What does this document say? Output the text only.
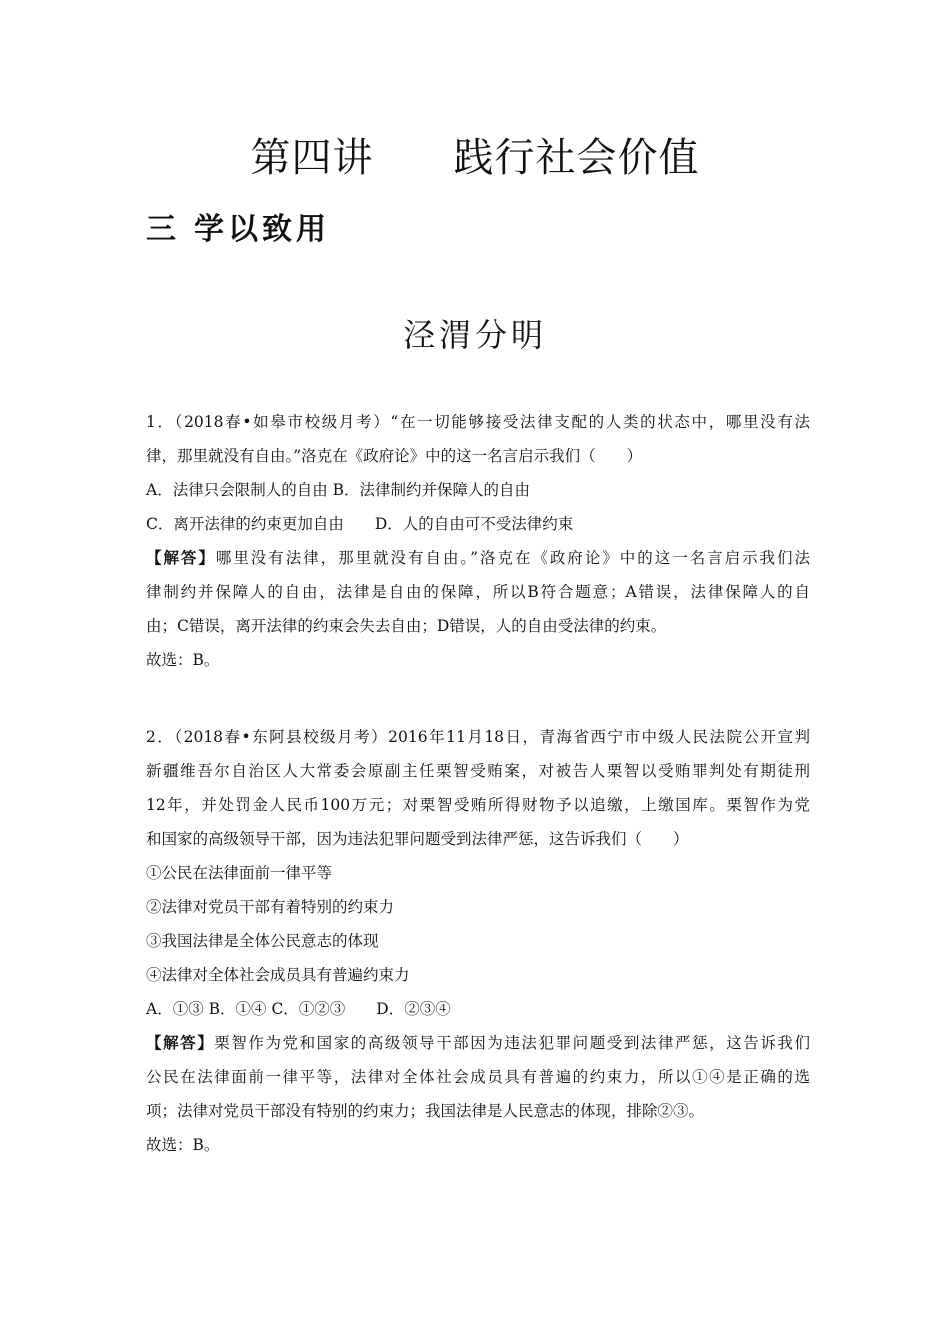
第四讲 践行社会价值
三 学以致用
泾渭分明

1．（2018春•如皋市校级月考）“在一切能够接受法律支配的人类的状态中，哪里没有法

律，那里就没有自由。”洛克在《政府论》中的这一名言启示我们（　　）

A．法律只会限制人的自由 B．法律制约并保障人的自由

C．离开法律的约束更加自由　　D．人的自由可不受法律约束

【解答】哪里没有法律，那里就没有自由。”洛克在《政府论》中的这一名言启示我们法

律制约并保障人的自由，法律是自由的保障，所以B符合题意；A错误，法律保障人的自

由；C错误，离开法律的约束会失去自由；D错误，人的自由受法律的约束。

故选：B。

2．（2018春•东阿县校级月考）2016年11月18日，青海省西宁市中级人民法院公开宣判

新疆维吾尔自治区人大常委会原副主任栗智受贿案，对被告人栗智以受贿罪判处有期徒刑

12年，并处罚金人民币100万元；对栗智受贿所得财物予以追缴，上缴国库。栗智作为党

和国家的高级领导干部，因为违法犯罪问题受到法律严惩，这告诉我们（　　）

①公民在法律面前一律平等

②法律对党员干部有着特别的约束力

③我国法律是全体公民意志的体现

④法律对全体社会成员具有普遍约束力

A．①③ B．①④ C．①②③　　D．②③④

【解答】栗智作为党和国家的高级领导干部因为违法犯罪问题受到法律严惩，这告诉我们

公民在法律面前一律平等，法律对全体社会成员具有普遍的约束力，所以①④是正确的选

项；法律对党员干部没有特别的约束力；我国法律是人民意志的体现，排除②③。

故选：B。
